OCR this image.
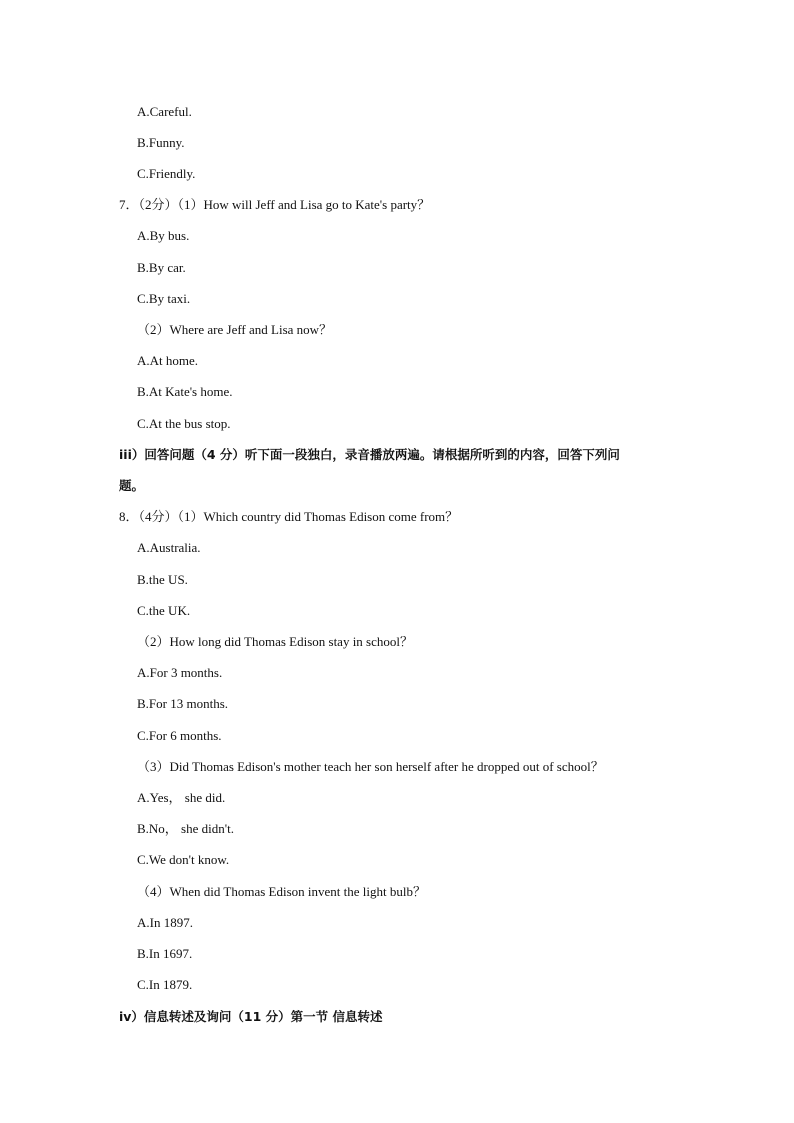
A.Careful.
B.Funny.
C.Friendly.
7．（2分）（1）How will Jeff and Lisa go to Kate's party？
A.By bus.
B.By car.
C.By taxi.
（2）Where are Jeff and Lisa now？
A.At home.
B.At Kate's home.
C.At the bus stop.
iii）回答问题（4 分）听下面一段独白，录音播放两遍。请根据所听到的内容，回答下列问
题。
8．（4分）（1）Which country did Thomas Edison come from？
A.Australia.
B.the US.
C.the UK.
（2）How long did Thomas Edison stay in school？
A.For 3 months.
B.For 13 months.
C.For 6 months.
（3）Did Thomas Edison's mother teach her son herself after he dropped out of school？
A.Yes， she did.
B.No， she didn't.
C.We don't know.
（4）When did Thomas Edison invent the light bulb？
A.In 1897.
B.In 1697.
C.In 1879.
iv）信息转述及询问（11 分）第一节 信息转述
